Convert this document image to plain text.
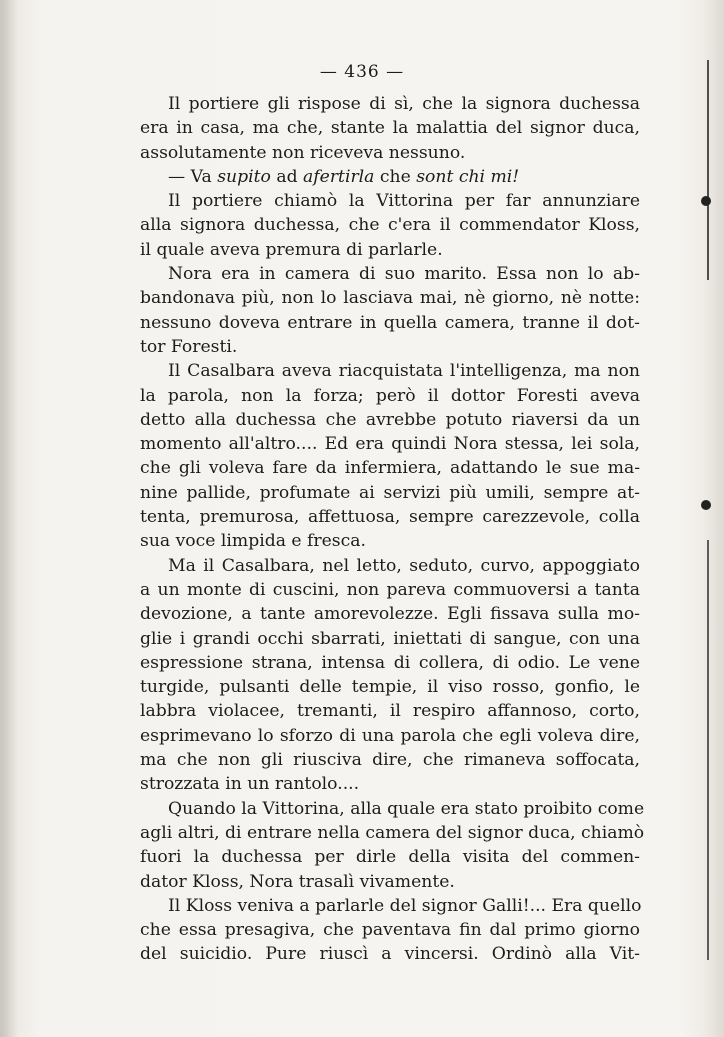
— 436 —
Il portiere gli rispose di sì, che la signora duchessa
era in casa, ma che, stante la malattia del signor duca,
assolutamente non riceveva nessuno.
— Va supito ad afertirla che sont chi mi!
Il portiere chiamò la Vittorina per far annunziare
alla signora duchessa, che c'era il commendator Kloss,
il quale aveva premura di parlarle.
Nora era in camera di suo marito. Essa non lo ab-
bandonava più, non lo lasciava mai, nè giorno, nè notte:
nessuno doveva entrare in quella camera, tranne il dot-
tor Foresti.
Il Casalbara aveva riacquistata l'intelligenza, ma non
la parola, non la forza; però il dottor Foresti aveva
detto alla duchessa che avrebbe potuto riaversi da un
momento all'altro.... Ed era quindi Nora stessa, lei sola,
che gli voleva fare da infermiera, adattando le sue ma-
nine pallide, profumate ai servizi più umili, sempre at-
tenta, premurosa, affettuosa, sempre carezzevole, colla
sua voce limpida e fresca.
Ma il Casalbara, nel letto, seduto, curvo, appoggiato
a un monte di cuscini, non pareva commuoversi a tanta
devozione, a tante amorevolezze. Egli fissava sulla mo-
glie i grandi occhi sbarrati, iniettati di sangue, con una
espressione strana, intensa di collera, di odio. Le vene
turgide, pulsanti delle tempie, il viso rosso, gonfio, le
labbra violacee, tremanti, il respiro affannoso, corto,
esprimevano lo sforzo di una parola che egli voleva dire,
ma che non gli riusciva dire, che rimaneva soffocata,
strozzata in un rantolo....
Quando la Vittorina, alla quale era stato proibito come
agli altri, di entrare nella camera del signor duca, chiamò
fuori la duchessa per dirle della visita del commen-
dator Kloss, Nora trasalì vivamente.
Il Kloss veniva a parlarle del signor Galli!... Era quello
che essa presagiva, che paventava fin dal primo giorno
del suicidio. Pure riuscì a vincersi. Ordinò alla Vit-
